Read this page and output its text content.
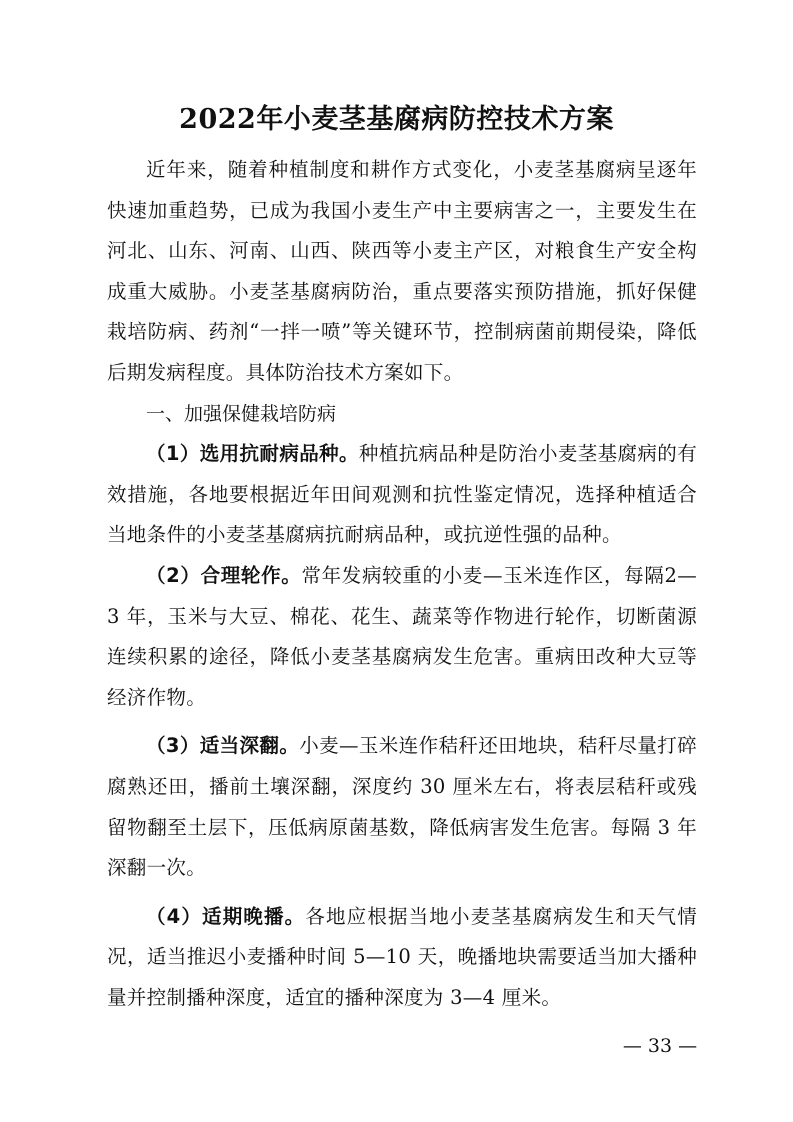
2022年小麦茎基腐病防控技术方案

近年来，随着种植制度和耕作方式变化，小麦茎基腐病呈逐年快速加重趋势，已成为我国小麦生产中主要病害之一，主要发生在河北、山东、河南、山西、陕西等小麦主产区，对粮食生产安全构成重大威胁。小麦茎基腐病防治，重点要落实预防措施，抓好保健栽培防病、药剂“一拌一喷”等关键环节，控制病菌前期侵染，降低后期发病程度。具体防治技术方案如下。

一、加强保健栽培防病

（1）选用抗耐病品种。种植抗病品种是防治小麦茎基腐病的有效措施，各地要根据近年田间观测和抗性鉴定情况，选择种植适合当地条件的小麦茎基腐病抗耐病品种，或抗逆性强的品种。

（2）合理轮作。常年发病较重的小麦—玉米连作区，每隔2—3 年，玉米与大豆、棉花、花生、蔬菜等作物进行轮作，切断菌源连续积累的途径，降低小麦茎基腐病发生危害。重病田改种大豆等经济作物。

（3）适当深翻。小麦—玉米连作秸秆还田地块，秸秆尽量打碎腐熟还田，播前土壤深翻，深度约 30 厘米左右，将表层秸秆或残留物翻至土层下，压低病原菌基数，降低病害发生危害。每隔 3 年深翻一次。

（4）适期晚播。各地应根据当地小麦茎基腐病发生和天气情况，适当推迟小麦播种时间 5—10 天，晚播地块需要适当加大播种量并控制播种深度，适宜的播种深度为 3—4 厘米。

— 33 —
